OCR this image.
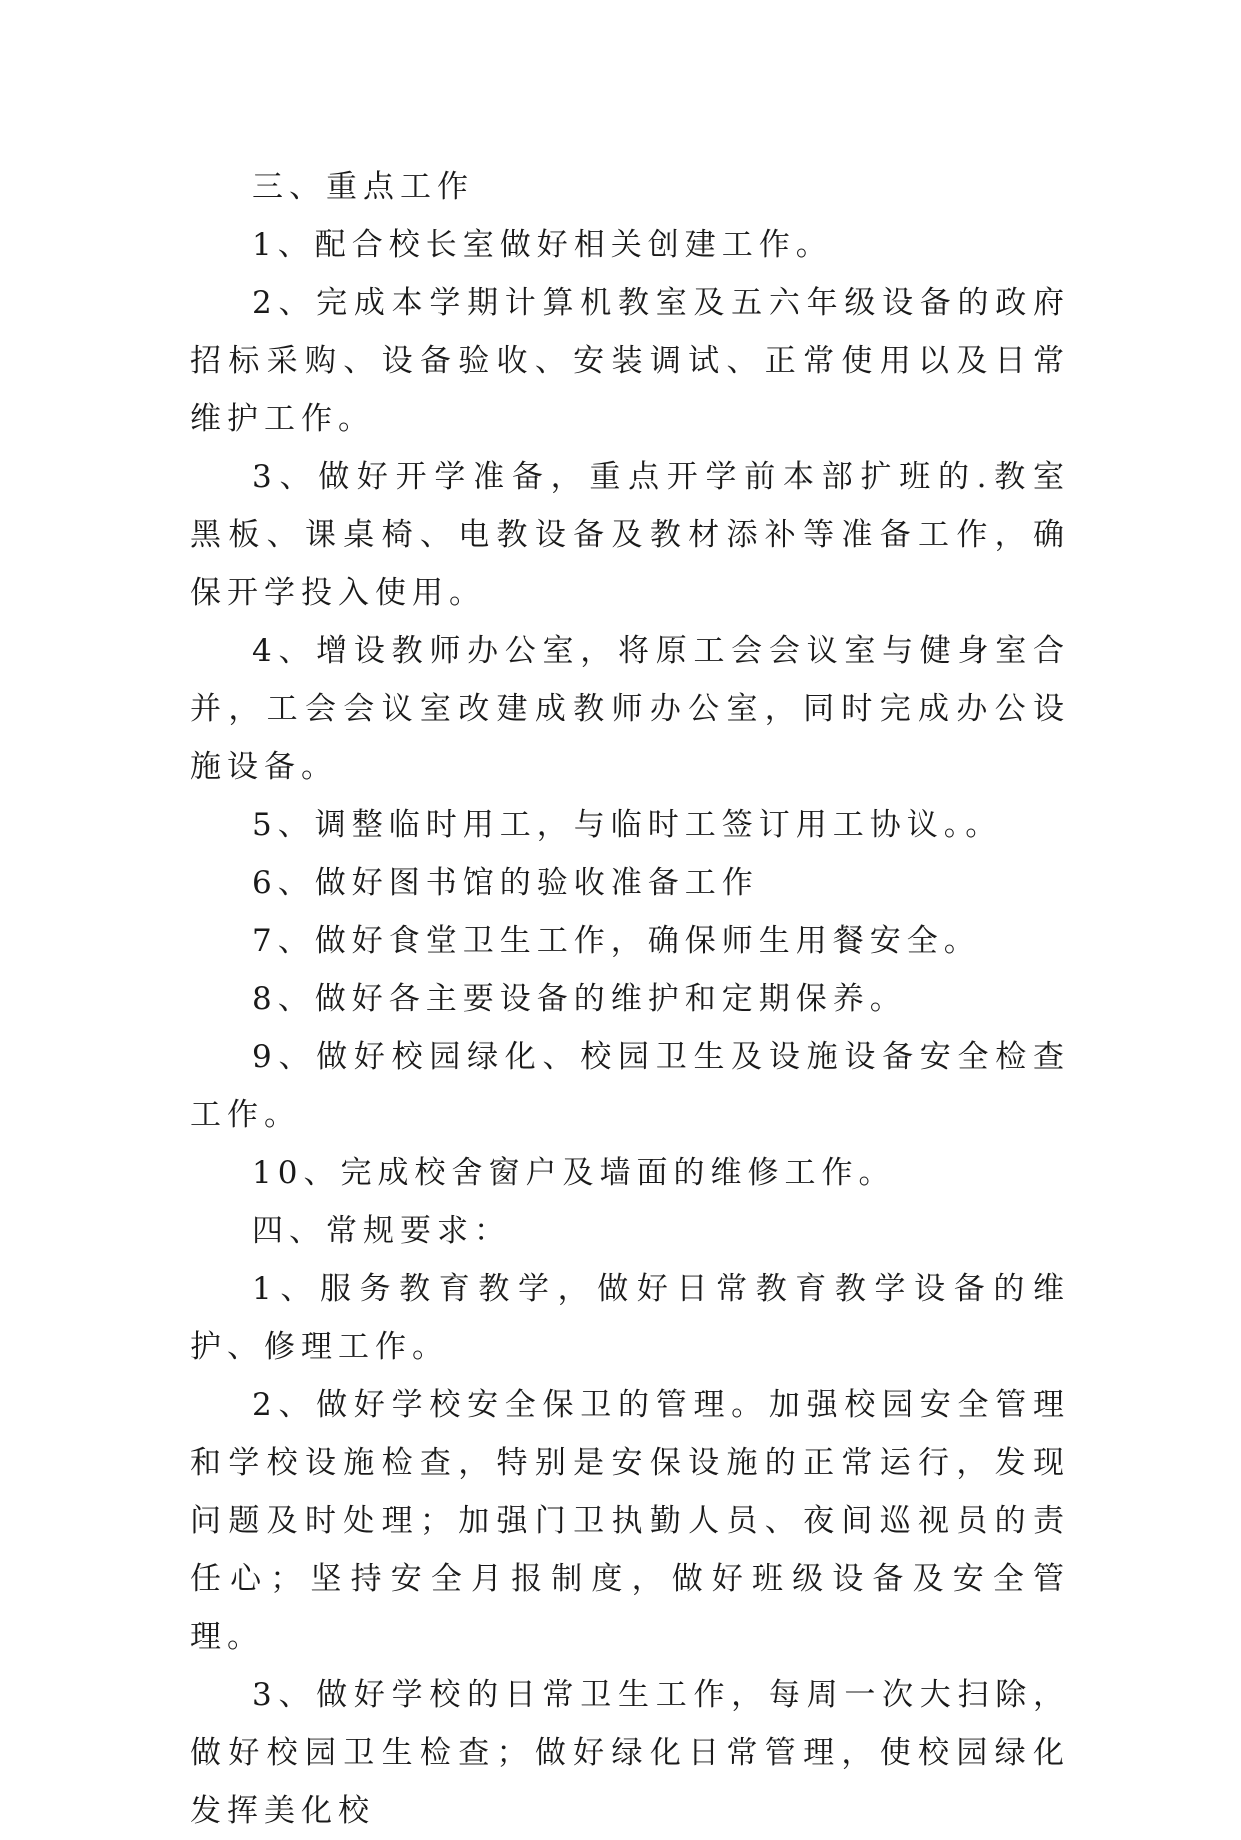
三、重点工作

1、配合校长室做好相关创建工作。

2、完成本学期计算机教室及五六年级设备的政府招标采购、设备验收、安装调试、正常使用以及日常维护工作。

3、做好开学准备，重点开学前本部扩班的.教室黑板、课桌椅、电教设备及教材添补等准备工作，确保开学投入使用。

4、增设教师办公室，将原工会会议室与健身室合并，工会会议室改建成教师办公室，同时完成办公设施设备。

5、调整临时用工，与临时工签订用工协议。。

6、做好图书馆的验收准备工作

7、做好食堂卫生工作，确保师生用餐安全。

8、做好各主要设备的维护和定期保养。

9、做好校园绿化、校园卫生及设施设备安全检查工作。

10、完成校舍窗户及墙面的维修工作。

四、常规要求：

1、服务教育教学，做好日常教育教学设备的维护、修理工作。

2、做好学校安全保卫的管理。加强校园安全管理和学校设施检查，特别是安保设施的正常运行，发现问题及时处理；加强门卫执勤人员、夜间巡视员的责任心；坚持安全月报制度，做好班级设备及安全管理。

3、做好学校的日常卫生工作，每周一次大扫除，做好校园卫生检查；做好绿化日常管理，使校园绿化发挥美化校
